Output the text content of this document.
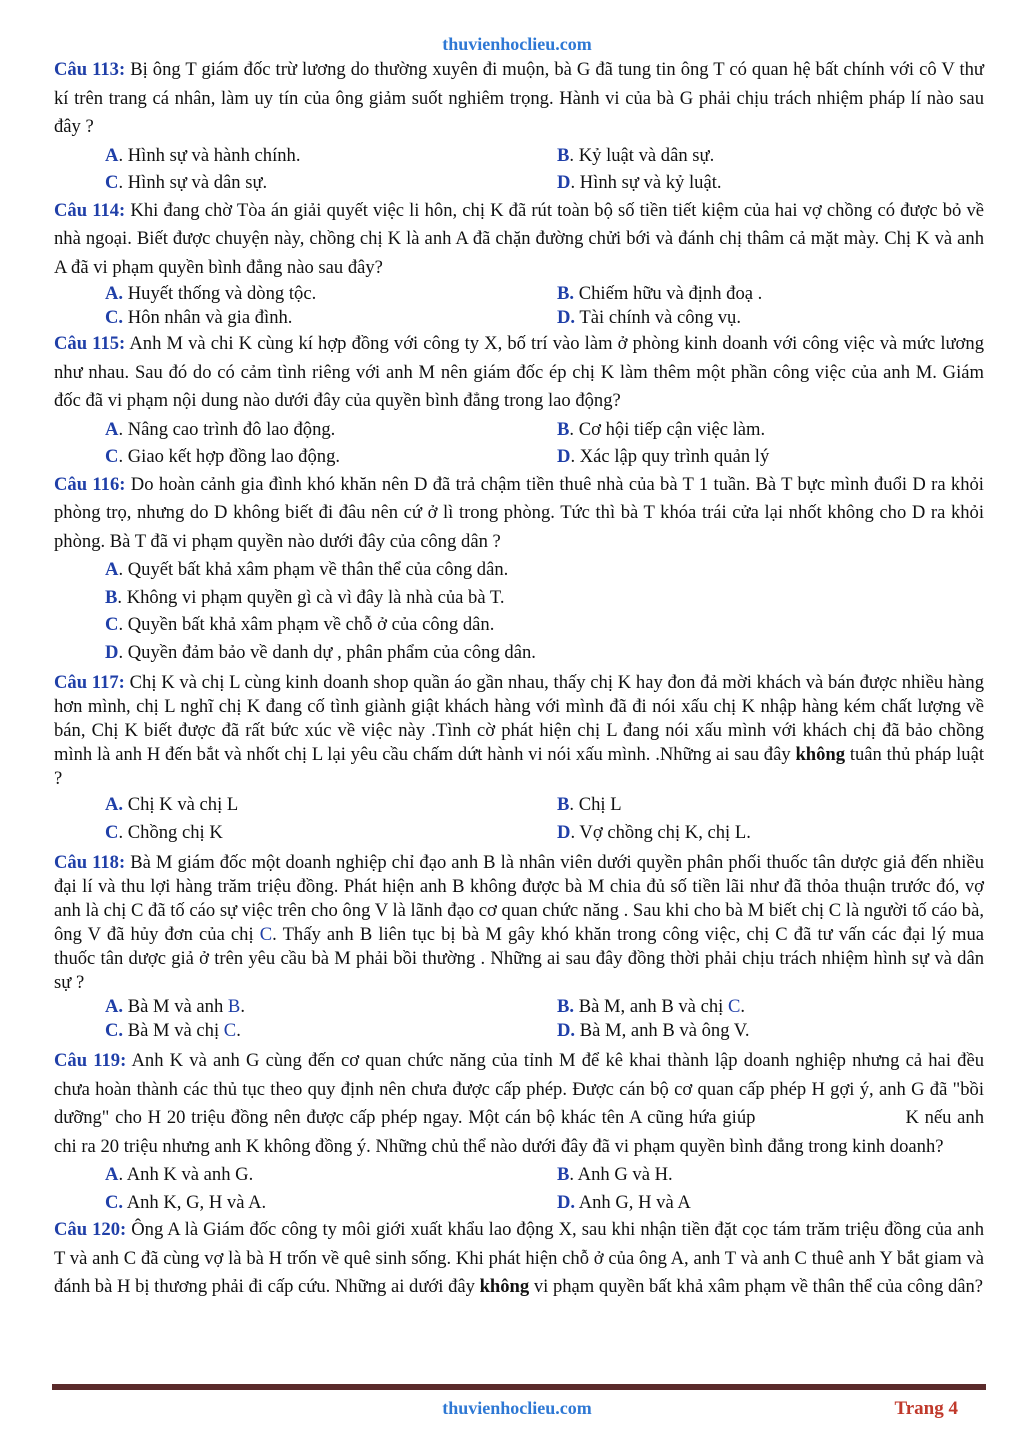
thuvienhoclieu.com

Câu 113: Bị ông T giám đốc trừ lương do thường xuyên đi muộn, bà G đã tung tin ông T có quan hệ bất chính với cô V thư kí trên trang cá nhân, làm uy tín của ông giảm suốt nghiêm trọng. Hành vi của bà G phải chịu trách nhiệm pháp lí nào sau đây ?

A. Hình sự và hành chính.	B. Kỷ luật và dân sự.
C. Hình sự và dân sự.	D. Hình sự và kỷ luật.

Câu 114: Khi đang chờ Tòa án giải quyết việc li hôn, chị K đã rút toàn bộ số tiền tiết kiệm của hai vợ chồng có được bỏ về nhà ngoại. Biết được chuyện này, chồng chị K là anh A đã chặn đường chửi bới và đánh chị thâm cả mặt mày. Chị K và anh A đã vi phạm quyền bình đẳng nào sau đây?

A. Huyết thống và dòng tộc.	B. Chiếm hữu và định đoạ .
C. Hôn nhân và gia đình.	D. Tài chính và công vụ.

Câu 115: Anh M và chi K cùng kí hợp đồng với công ty X, bố trí vào làm ở phòng kinh doanh với công việc và mức lương như nhau. Sau đó do có cảm tình riêng với anh M nên giám đốc ép chị K làm thêm một phần công việc của anh M. Giám đốc đã vi phạm nội dung nào dưới đây của quyền bình đẳng trong lao động?

A. Nâng cao trình đô lao động.	B. Cơ hội tiếp cận việc làm.
C. Giao kết hợp đồng lao động.	D. Xác lập quy trình quản lý

Câu 116: Do hoàn cảnh gia đình khó khăn nên D đã trả chậm tiền thuê nhà của bà T 1 tuần. Bà T bực mình đuổi D ra khỏi phòng trọ, nhưng do D không biết đi đâu nên cứ ở lì trong phòng. Tức thì bà T khóa trái cửa lại nhốt không cho D ra khỏi phòng. Bà T đã vi phạm quyền nào dưới đây của công dân ?

A. Quyết bất khả xâm phạm về thân thể của công dân.
B. Không vi phạm quyền gì cà vì đây là nhà của bà T.
C. Quyền bất khả xâm phạm về chỗ ở của công dân.
D. Quyền đảm bảo về danh dự , phân phẩm của công dân.

Câu 117: Chị K và chị L cùng kinh doanh shop quần áo gần nhau, thấy chị K hay đon đả mời khách và bán được nhiều hàng hơn mình, chị L nghĩ chị K đang cố tình giành giật khách hàng với mình đã đi nói xấu chị K nhập hàng kém chất lượng về bán, Chị K biết được đã rất bức xúc về việc này .Tình cờ phát hiện chị L đang nói xấu mình với khách chị đã bảo chồng mình là anh H đến bắt và nhốt chị L lại yêu cầu chấm dứt hành vi nói xấu mình. .Những ai sau đây không tuân thủ pháp luật ?

A. Chị K và chị L	B. Chị L
C. Chồng chị K	D. Vợ chồng chị K, chị L.

Câu 118: Bà M giám đốc một doanh nghiệp chỉ đạo anh B là nhân viên dưới quyền phân phối thuốc tân dược giả đến nhiều đại lí và thu lợi hàng trăm triệu đồng. Phát hiện anh B không được bà M chia đủ số tiền lãi như đã thỏa thuận trước đó, vợ anh là chị C đã tố cáo sự việc trên cho ông V là lãnh đạo cơ quan chức năng . Sau khi cho bà M biết chị C là người tố cáo bà, ông V đã hủy đơn của chị C. Thấy anh B liên tục bị bà M gây khó khăn trong công việc, chị C đã tư vấn các đại lý mua thuốc tân dược giả ở trên yêu cầu bà M phải bồi thường . Những ai sau đây đồng thời phải chịu trách nhiệm hình sự và dân sự ?

A. Bà M và anh B.	B. Bà M, anh B và chị C.
C. Bà M và chị C.	D. Bà M, anh B và ông V.

Câu 119: Anh K và anh G cùng đến cơ quan chức năng của tỉnh M để kê khai thành lập doanh nghiệp nhưng cả hai đều chưa hoàn thành các thủ tục theo quy định nên chưa được cấp phép. Được cán bộ cơ quan cấp phép H gợi ý, anh G đã "bồi dưỡng" cho H 20 triệu đồng nên được cấp phép ngay. Một cán bộ khác tên A cũng hứa giúp	K nếu anh chi ra 20 triệu nhưng anh K không đồng ý. Những chủ thể nào dưới đây đã vi phạm quyền bình đẳng trong kinh doanh?

A. Anh K và anh G.	B. Anh G và H.
C. Anh K, G, H và A.	D. Anh G, H và A

Câu 120: Ông A là Giám đốc công ty môi giới xuất khẩu lao động X, sau khi nhận tiền đặt cọc tám trăm triệu đồng của anh T và anh C đã cùng vợ là bà H trốn về quê sinh sống. Khi phát hiện chỗ ở của ông A, anh T và anh C thuê anh Y bắt giam và đánh bà H bị thương phải đi cấp cứu. Những ai dưới đây không vi phạm quyền bất khả xâm phạm về thân thể của công dân?

thuvienhoclieu.com	Trang 4
